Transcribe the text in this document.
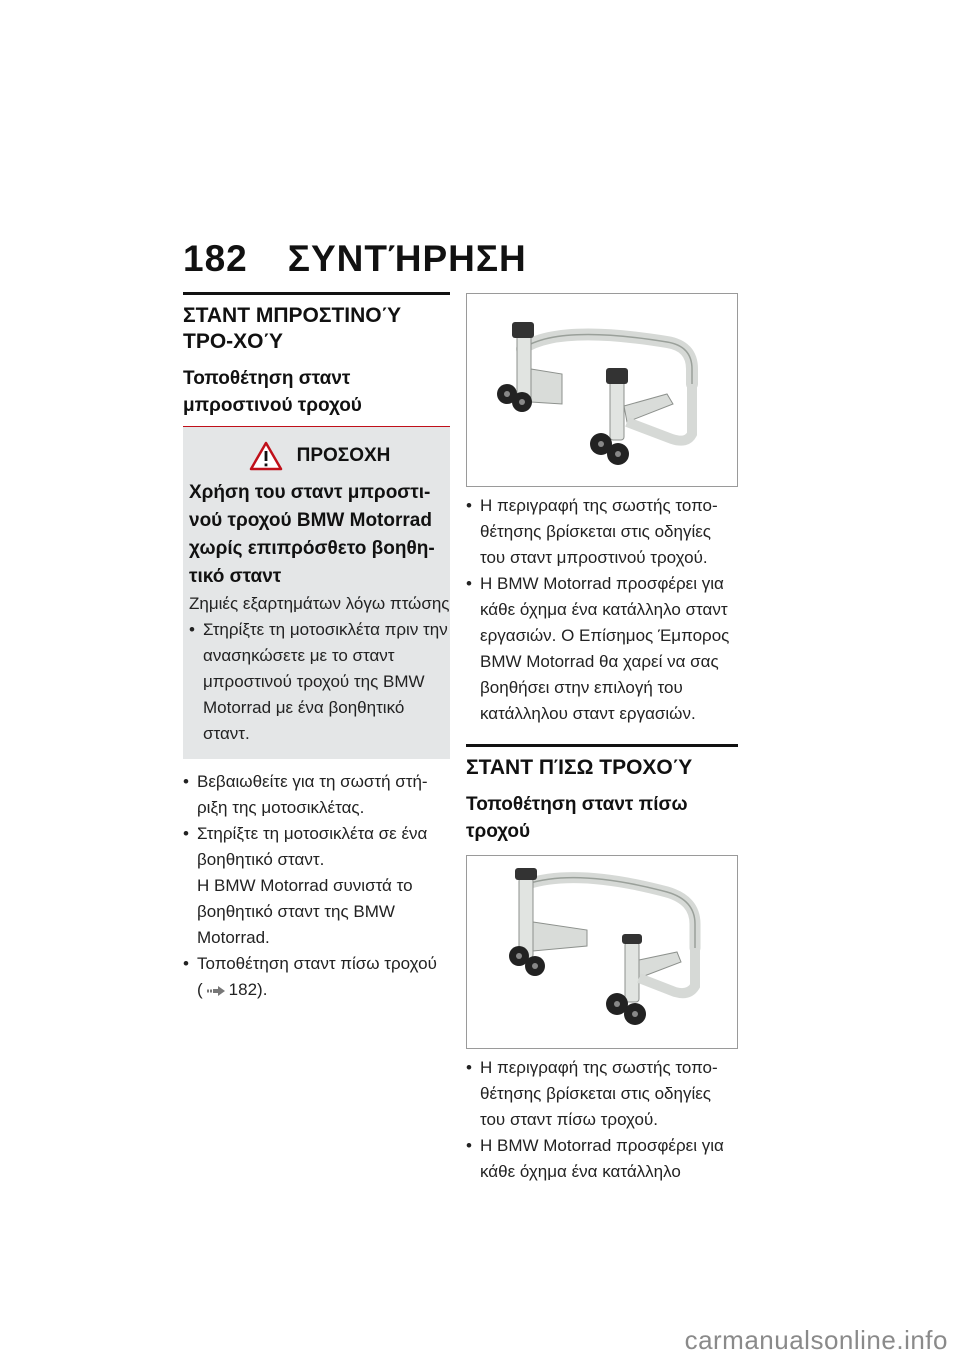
182 ΣΥΝΤΉΡΗΣΗ
ΣΤΑΝΤ ΜΠΡΟΣΤΙΝΟΎ ΤΡΟ-ΧΟΎ
Τοποθέτηση σταντ μπροστινού τροχού
ΠΡΟΣΟΧΗ
Χρήση του σταντ μπροστι-νού τροχού BMW Motorrad χωρίς επιπρόσθετο βοηθη-τικό σταντ
Ζημιές εξαρτημάτων λόγω πτώσης
• Στηρίξτε τη μοτοσικλέτα πριν την ανασηκώσετε με το σταντ μπροστινού τροχού της BMW Motorrad με ένα βοηθητικό σταντ.
• Βεβαιωθείτε για τη σωστή στή-ριξη της μοτοσικλέτας.
• Στηρίξτε τη μοτοσικλέτα σε ένα βοηθητικό σταντ.
Η BMW Motorrad συνιστά το βοηθητικό σταντ της BMW Motorrad.
• Τοποθέτηση σταντ πίσω τροχού
( 182).
• Η περιγραφή της σωστής τοπο-θέτησης βρίσκεται στις οδηγίες του σταντ μπροστινού τροχού.
• Η BMW Motorrad προσφέρει για κάθε όχημα ένα κατάλληλο σταντ εργασιών. Ο Επίσημος Έμπορος BMW Motorrad θα χαρεί να σας βοηθήσει στην επιλογή του κατάλληλου σταντ εργασιών.
ΣΤΑΝΤ ΠΊΣΩ ΤΡΟΧΟΎ
Τοποθέτηση σταντ πίσω τροχού
• Η περιγραφή της σωστής τοπο-θέτησης βρίσκεται στις οδηγίες του σταντ πίσω τροχού.
• Η BMW Motorrad προσφέρει για κάθε όχημα ένα κατάλληλο
carmanualsonline.info
